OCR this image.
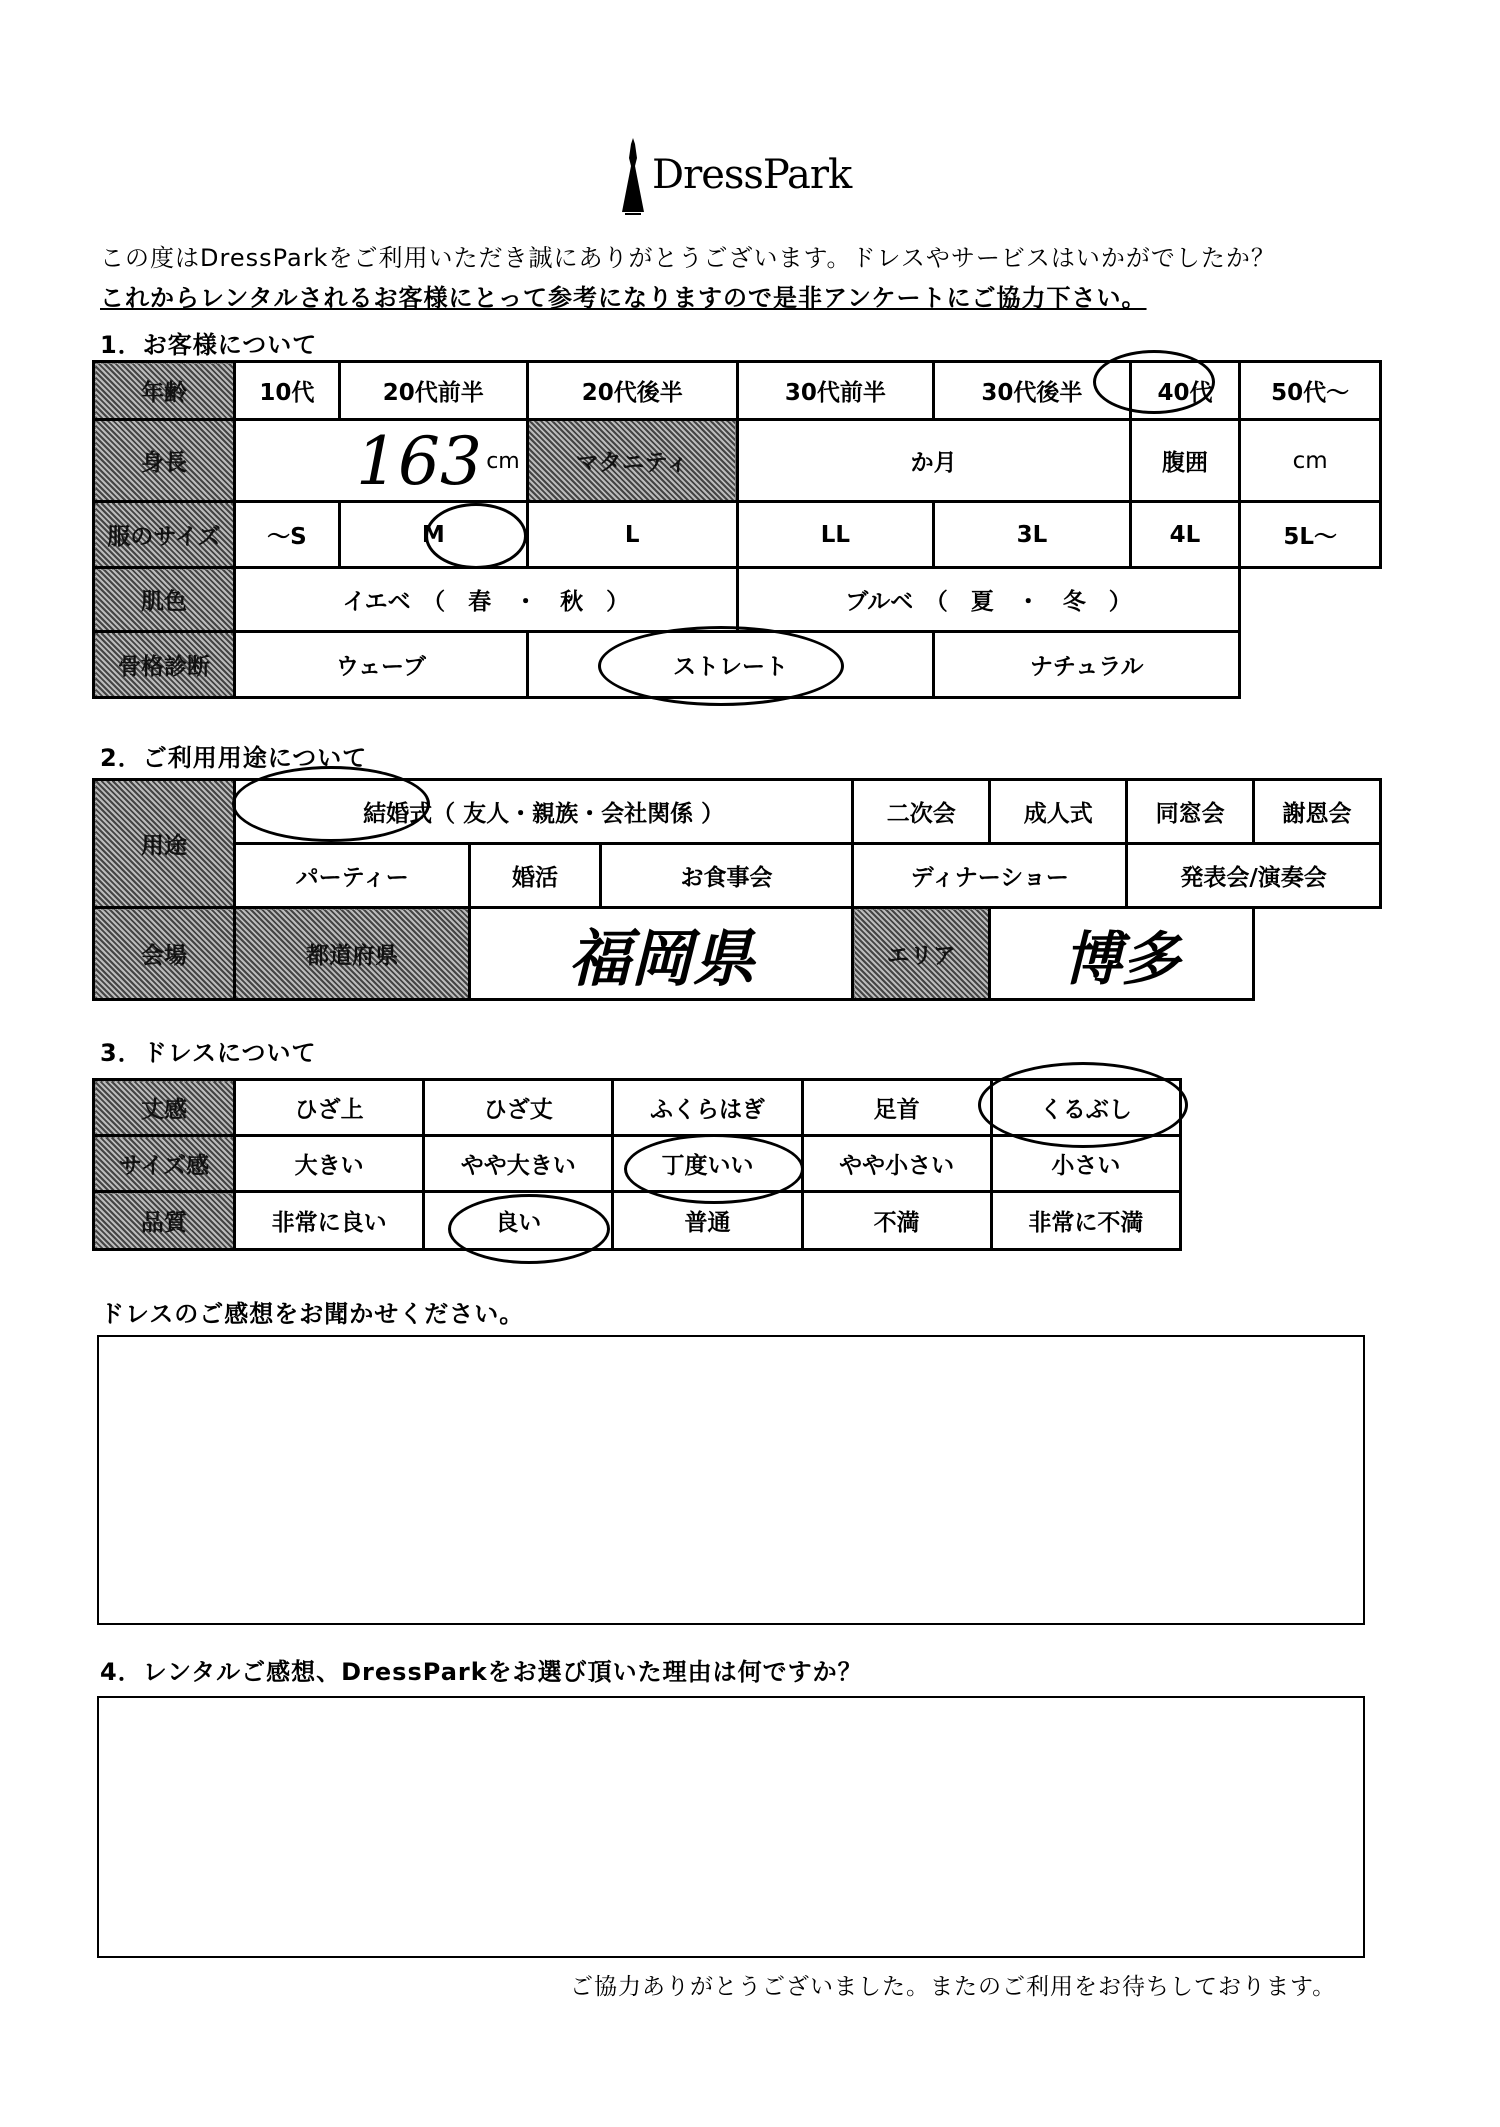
DressPark
この度はDressParkをご利用いただき誠にありがとうございます。ドレスやサービスはいかがでしたか？
これからレンタルされるお客様にとって参考になりますので是非アンケートにご協力下さい。
1．お客様について
年齢	10代	20代前半	20代後半	30代前半	30代後半	40代	50代～
身長	163 cm		マタニティ	か月		腹囲	cm
服のサイズ	～S	M	L	LL	3L	4L	5L～
肌色	イエベ　（　春　・　秋　）			ブルベ　（　夏　・　冬　）			
骨格診断	ウェーブ		ストレート		ナチュラル		
2．ご利用用途について
用途	結婚式（ 友人・親族・会社関係 ）			二次会	成人式	同窓会	謝恩会
	パーティー	婚活	お食事会	ディナーショー		発表会/演奏会	
会場	都道府県	福岡県		エリア	博多		
3．ドレスについて
丈感	ひざ上	ひざ丈	ふくらはぎ	足首	くるぶし
サイズ感	大きい	やや大きい	丁度いい	やや小さい	小さい
品質	非常に良い	良い	普通	不満	非常に不満
ドレスのご感想をお聞かせください。
4．レンタルご感想、DressParkをお選び頂いた理由は何ですか？
ご協力ありがとうございました。またのご利用をお待ちしております。
